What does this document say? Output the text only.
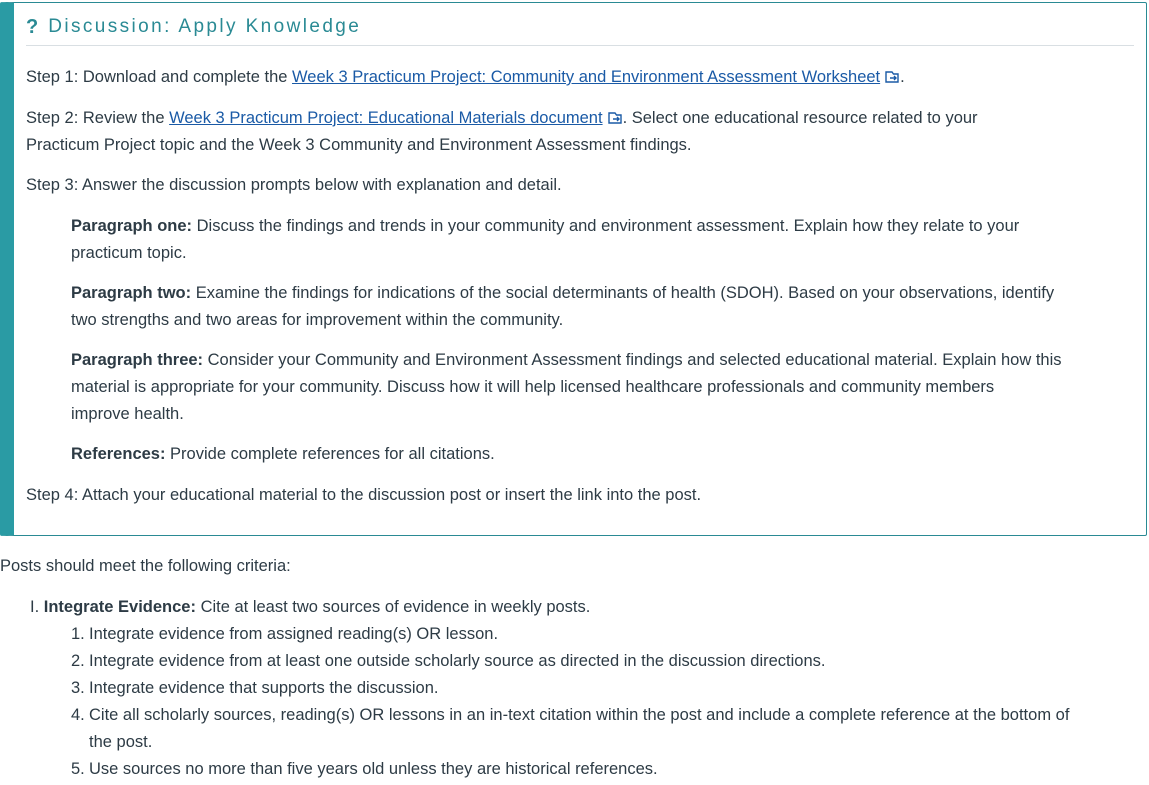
? Discussion: Apply Knowledge
Step 1: Download and complete the Week 3 Practicum Project: Community and Environment Assessment Worksheet .
Step 2: Review the Week 3 Practicum Project: Educational Materials document . Select one educational resource related to your
Practicum Project topic and the Week 3 Community and Environment Assessment findings.
Step 3: Answer the discussion prompts below with explanation and detail.
Paragraph one: Discuss the findings and trends in your community and environment assessment. Explain how they relate to your
practicum topic.
Paragraph two: Examine the findings for indications of the social determinants of health (SDOH). Based on your observations, identify
two strengths and two areas for improvement within the community.
Paragraph three: Consider your Community and Environment Assessment findings and selected educational material. Explain how this
material is appropriate for your community. Discuss how it will help licensed healthcare professionals and community members
improve health.
References: Provide complete references for all citations.
Step 4: Attach your educational material to the discussion post or insert the link into the post.
Posts should meet the following criteria:
I. Integrate Evidence: Cite at least two sources of evidence in weekly posts.
1. Integrate evidence from assigned reading(s) OR lesson.
2. Integrate evidence from at least one outside scholarly source as directed in the discussion directions.
3. Integrate evidence that supports the discussion.
4. Cite all scholarly sources, reading(s) OR lessons in an in-text citation within the post and include a complete reference at the bottom of
the post.
5. Use sources no more than five years old unless they are historical references.
